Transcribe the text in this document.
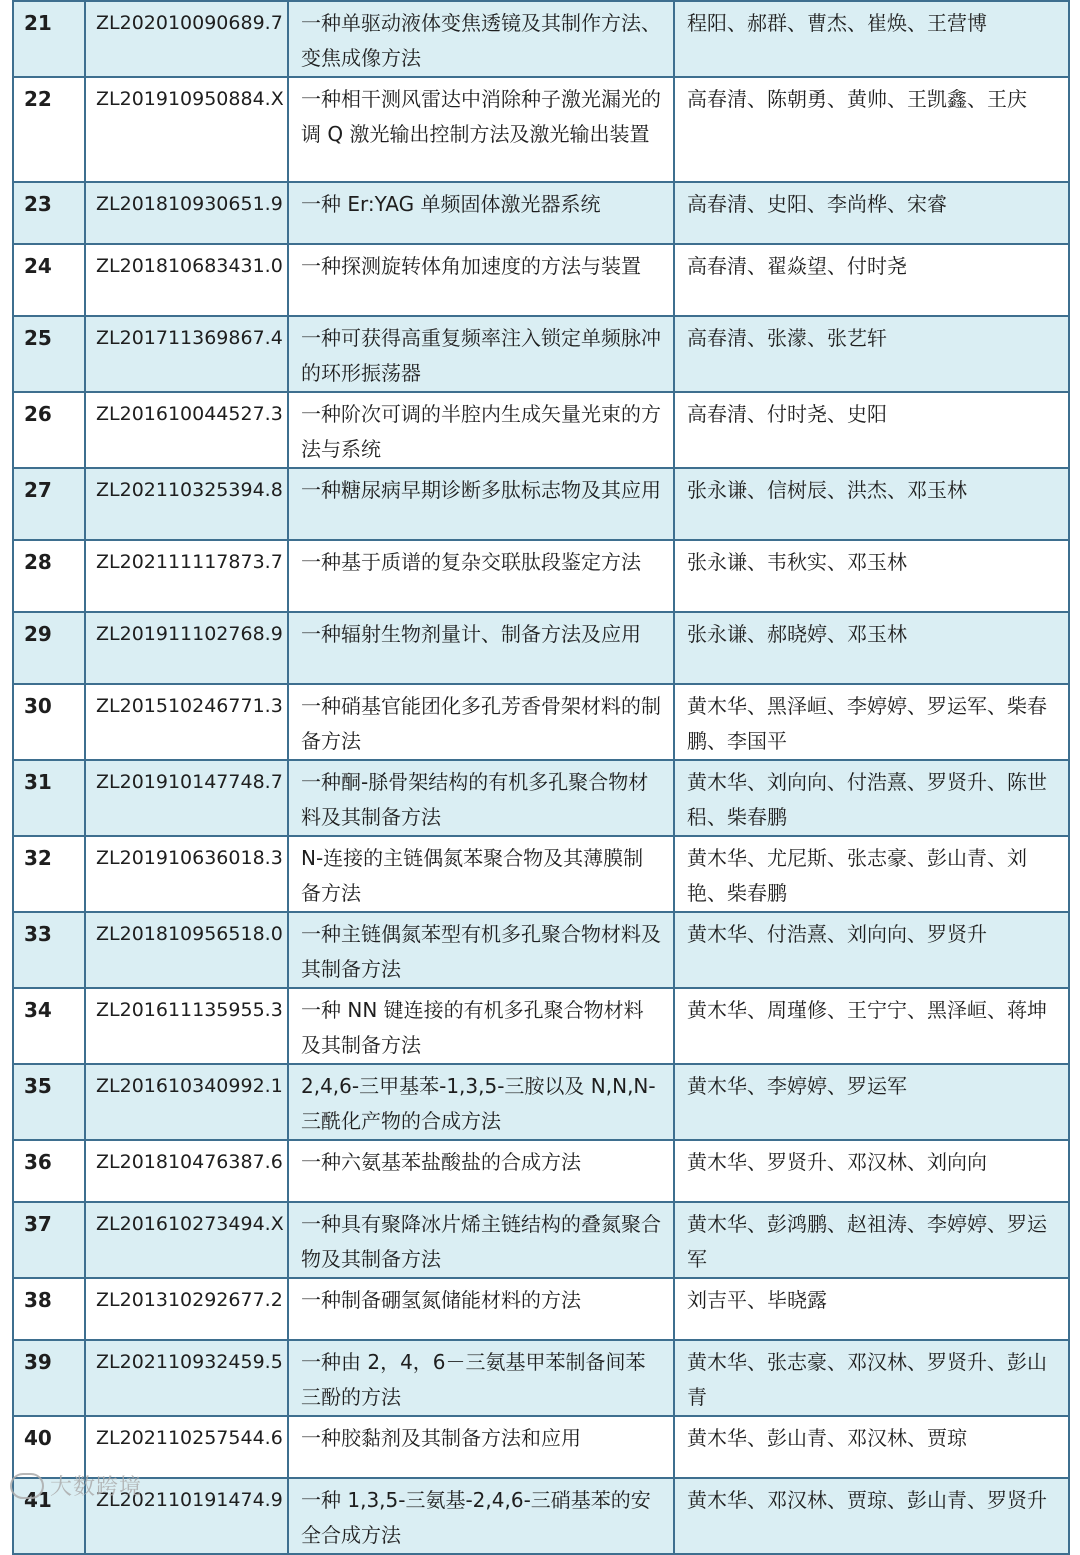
21	ZL202010090689.7	一种单驱动液体变焦透镜及其制作方法、变焦成像方法	程阳、郝群、曹杰、崔焕、王营博
22	ZL201910950884.X	一种相干测风雷达中消除种子激光漏光的调 Q 激光输出控制方法及激光输出装置	高春清、陈朝勇、黄帅、王凯鑫、王庆
23	ZL201810930651.9	一种 Er:YAG 单频固体激光器系统	高春清、史阳、李尚桦、宋睿
24	ZL201810683431.0	一种探测旋转体角加速度的方法与装置	高春清、翟焱望、付时尧
25	ZL201711369867.4	一种可获得高重复频率注入锁定单频脉冲的环形振荡器	高春清、张濛、张艺轩
26	ZL201610044527.3	一种阶次可调的半腔内生成矢量光束的方法与系统	高春清、付时尧、史阳
27	ZL202110325394.8	一种糖尿病早期诊断多肽标志物及其应用	张永谦、信树辰、洪杰、邓玉林
28	ZL202111117873.7	一种基于质谱的复杂交联肽段鉴定方法	张永谦、韦秋实、邓玉林
29	ZL201911102768.9	一种辐射生物剂量计、制备方法及应用	张永谦、郝晓婷、邓玉林
30	ZL201510246771.3	一种硝基官能团化多孔芳香骨架材料的制备方法	黄木华、黑泽峘、李婷婷、罗运军、柴春鹏、李国平
31	ZL201910147748.7	一种酮-脎骨架结构的有机多孔聚合物材料及其制备方法	黄木华、刘向向、付浩熹、罗贤升、陈世稆、柴春鹏
32	ZL201910636018.3	N-连接的主链偶氮苯聚合物及其薄膜制备方法	黄木华、尤尼斯、张志豪、彭山青、刘艳、柴春鹏
33	ZL201810956518.0	一种主链偶氮苯型有机多孔聚合物材料及其制备方法	黄木华、付浩熹、刘向向、罗贤升
34	ZL201611135955.3	一种 NN 键连接的有机多孔聚合物材料及其制备方法	黄木华、周瑾修、王宁宁、黑泽峘、蒋坤
35	ZL201610340992.1	2,4,6-三甲基苯-1,3,5-三胺以及 N,N,N-三酰化产物的合成方法	黄木华、李婷婷、罗运军
36	ZL201810476387.6	一种六氨基苯盐酸盐的合成方法	黄木华、罗贤升、邓汉林、刘向向
37	ZL201610273494.X	一种具有聚降冰片烯主链结构的叠氮聚合物及其制备方法	黄木华、彭鸿鹏、赵祖涛、李婷婷、罗运军
38	ZL201310292677.2	一种制备硼氢氮储能材料的方法	刘吉平、毕晓露
39	ZL202110932459.5	一种由 2，4，6－三氨基甲苯制备间苯三酚的方法	黄木华、张志豪、邓汉林、罗贤升、彭山青
40	ZL202110257544.6	一种胶黏剂及其制备方法和应用	黄木华、彭山青、邓汉林、贾琼
41	ZL202110191474.9	一种 1,3,5-三氨基-2,4,6-三硝基苯的安全合成方法	黄木华、邓汉林、贾琼、彭山青、罗贤升
大数跨境
